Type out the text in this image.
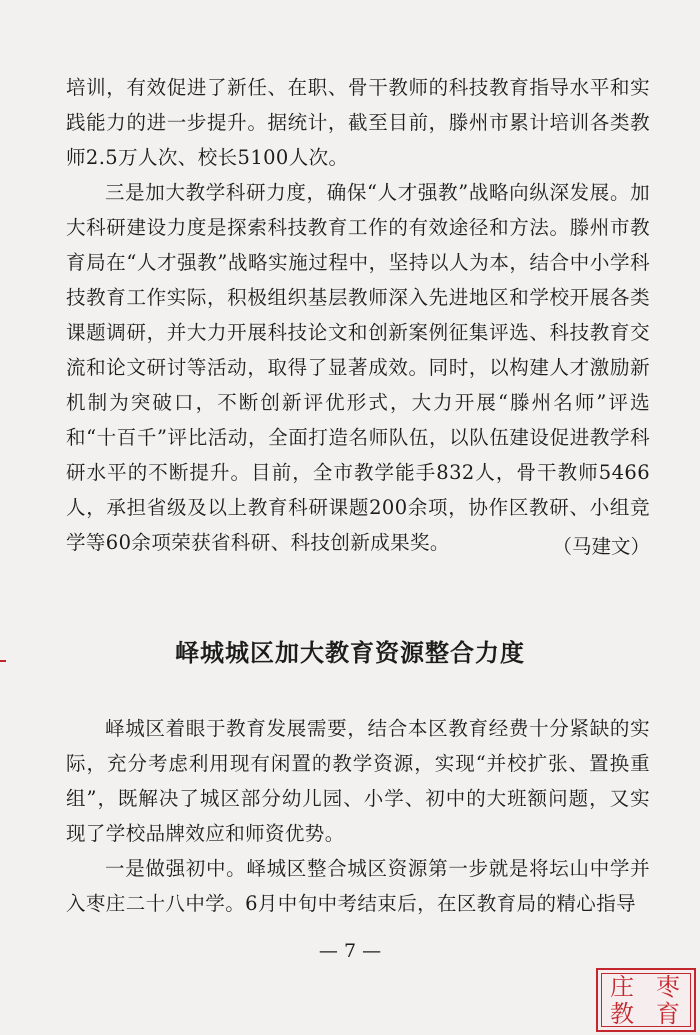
培训，有效促进了新任、在职、骨干教师的科技教育指导水平和实践能力的进一步提升。据统计，截至目前，滕州市累计培训各类教师2.5万人次、校长5100人次。
三是加大教学科研力度，确保“人才强教”战略向纵深发展。加大科研建设力度是探索科技教育工作的有效途径和方法。滕州市教育局在“人才强教”战略实施过程中，坚持以人为本，结合中小学科技教育工作实际，积极组织基层教师深入先进地区和学校开展各类课题调研，并大力开展科技论文和创新案例征集评选、科技教育交流和论文研讨等活动，取得了显著成效。同时，以构建人才激励新机制为突破口，不断创新评优形式，大力开展“滕州名师”评选和“十百千”评比活动，全面打造名师队伍，以队伍建设促进教学科研水平的不断提升。目前，全市教学能手832人，骨干教师5466人，承担省级及以上教育科研课题200余项，协作区教研、小组竞学等60余项荣获省科研、科技创新成果奖。	（马建文）
峄城城区加大教育资源整合力度
峄城区着眼于教育发展需要，结合本区教育经费十分紧缺的实际，充分考虑利用现有闲置的教学资源，实现“并校扩张、置换重组”，既解决了城区部分幼儿园、小学、初中的大班额问题，又实现了学校品牌效应和师资优势。
一是做强初中。峄城区整合城区资源第一步就是将坛山中学并入枣庄二十八中学。6月中旬中考结束后，在区教育局的精心指导
— 7 —
庄 枣
教 育
